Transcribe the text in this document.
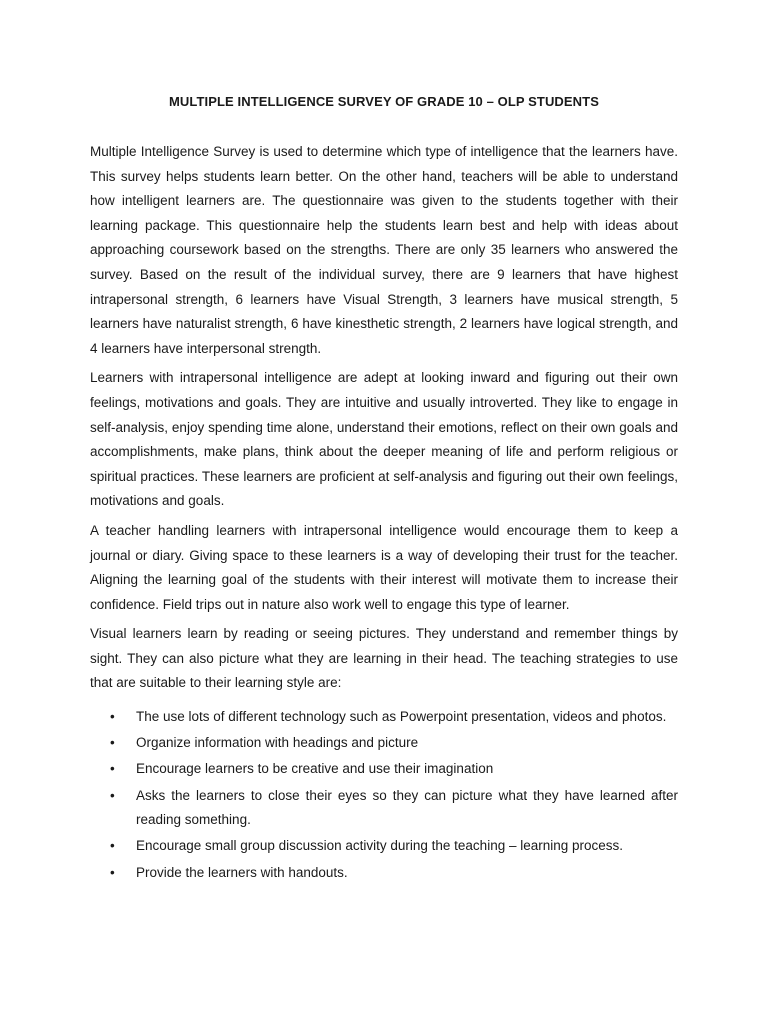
MULTIPLE INTELLIGENCE SURVEY OF GRADE 10 – OLP STUDENTS

Multiple Intelligence Survey is used to determine which type of intelligence that the learners have. This survey helps students learn better. On the other hand, teachers will be able to understand how intelligent learners are. The questionnaire was given to the students together with their learning package. This questionnaire help the students learn best and help with ideas about approaching coursework based on the strengths. There are only 35 learners who answered the survey. Based on the result of the individual survey, there are 9 learners that have highest intrapersonal strength, 6 learners have Visual Strength, 3 learners have musical strength, 5 learners have naturalist strength, 6 have kinesthetic strength, 2 learners have logical strength, and 4 learners have interpersonal strength.

Learners with intrapersonal intelligence are adept at looking inward and figuring out their own feelings, motivations and goals. They are intuitive and usually introverted. They like to engage in self-analysis, enjoy spending time alone, understand their emotions, reflect on their own goals and accomplishments, make plans, think about the deeper meaning of life and perform religious or spiritual practices. These learners are proficient at self-analysis and figuring out their own feelings, motivations and goals.

A teacher handling learners with intrapersonal intelligence would encourage them to keep a journal or diary. Giving space to these learners is a way of developing their trust for the teacher. Aligning the learning goal of the students with their interest will motivate them to increase their confidence. Field trips out in nature also work well to engage this type of learner.

Visual learners learn by reading or seeing pictures. They understand and remember things by sight. They can also picture what they are learning in their head. The teaching strategies to use that are suitable to their learning style are:

• The use lots of different technology such as Powerpoint presentation, videos and photos.
• Organize information with headings and picture
• Encourage learners to be creative and use their imagination
• Asks the learners to close their eyes so they can picture what they have learned after reading something.
• Encourage small group discussion activity during the teaching – learning process.
• Provide the learners with handouts.
